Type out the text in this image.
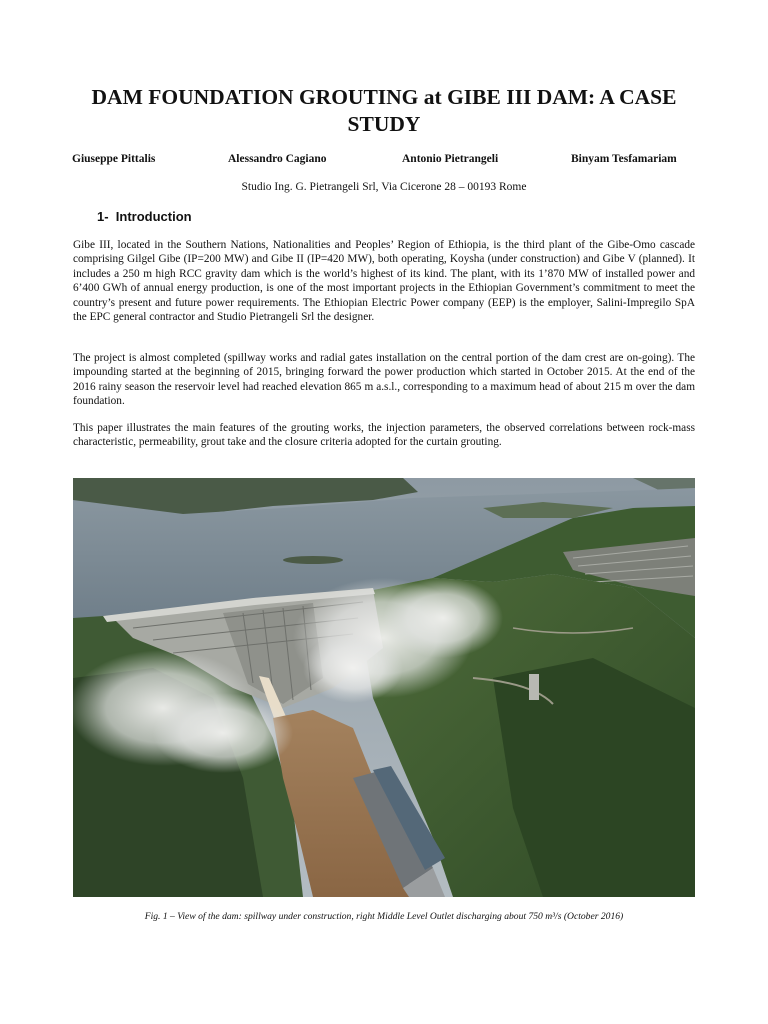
DAM FOUNDATION GROUTING at GIBE III DAM: A CASE STUDY
Giuseppe Pittalis	Alessandro Cagiano	Antonio Pietrangeli	Binyam Tesfamariam
Studio Ing. G. Pietrangeli Srl, Via Cicerone 28 – 00193 Rome
1- Introduction

Gibe III, located in the Southern Nations, Nationalities and Peoples’ Region of Ethiopia, is the third plant of the Gibe-Omo cascade comprising Gilgel Gibe (IP=200 MW) and Gibe II (IP=420 MW), both operating, Koysha (under construction) and Gibe V (planned). It includes a 250 m high RCC gravity dam which is the world’s highest of its kind. The plant, with its 1’870 MW of installed power and 6’400 GWh of annual energy production, is one of the most important projects in the Ethiopian Government’s commitment to meet the country’s present and future power requirements. The Ethiopian Electric Power company (EEP) is the employer, Salini-Impregilo SpA the EPC general contractor and Studio Pietrangeli Srl the designer.

The project is almost completed (spillway works and radial gates installation on the central portion of the dam crest are on-going). The impounding started at the beginning of 2015, bringing forward the power production which started in October 2015. At the end of the 2016 rainy season the reservoir level had reached elevation 865 m a.s.l., corresponding to a maximum head of about 215 m over the dam foundation.

This paper illustrates the main features of the grouting works, the injection parameters, the observed correlations between rock-mass characteristic, permeability, grout take and the closure criteria adopted for the curtain grouting.

Fig. 1 – View of the dam: spillway under construction, right Middle Level Outlet discharging about 750 m³/s (October 2016)
